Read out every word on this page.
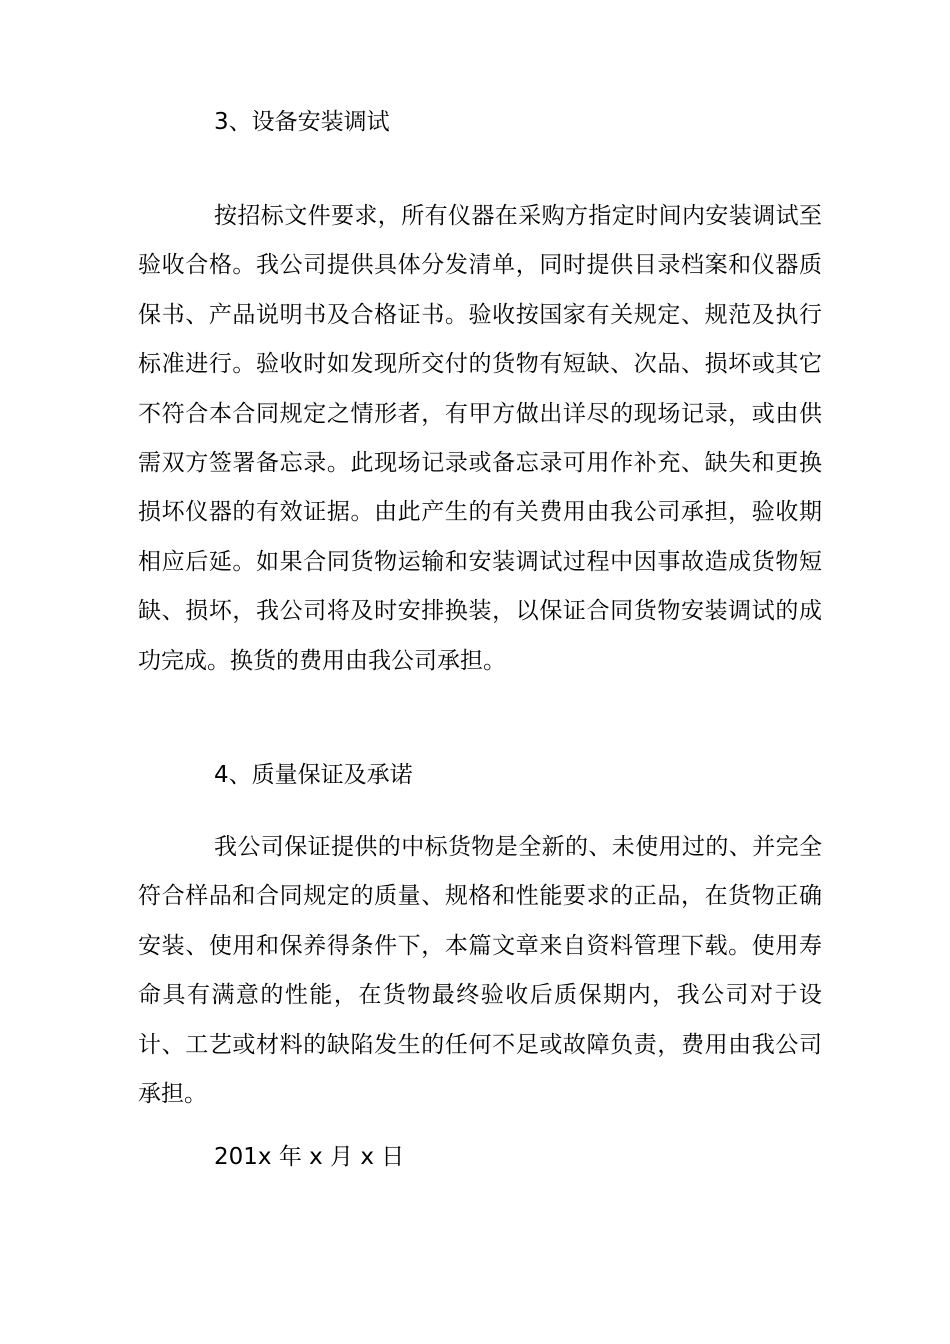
3、设备安装调试

按招标文件要求，所有仪器在采购方指定时间内安装调试至验收合格。我公司提供具体分发清单，同时提供目录档案和仪器质保书、产品说明书及合格证书。验收按国家有关规定、规范及执行标准进行。验收时如发现所交付的货物有短缺、次品、损坏或其它不符合本合同规定之情形者，有甲方做出详尽的现场记录，或由供需双方签署备忘录。此现场记录或备忘录可用作补充、缺失和更换损坏仪器的有效证据。由此产生的有关费用由我公司承担，验收期相应后延。如果合同货物运输和安装调试过程中因事故造成货物短缺、损坏，我公司将及时安排换装，以保证合同货物安装调试的成功完成。换货的费用由我公司承担。

4、质量保证及承诺

我公司保证提供的中标货物是全新的、未使用过的、并完全符合样品和合同规定的质量、规格和性能要求的正品，在货物正确安装、使用和保养得条件下，本篇文章来自资料管理下载。使用寿命具有满意的性能，在货物最终验收后质保期内，我公司对于设计、工艺或材料的缺陷发生的任何不足或故障负责，费用由我公司承担。

201x 年 x 月 x 日
